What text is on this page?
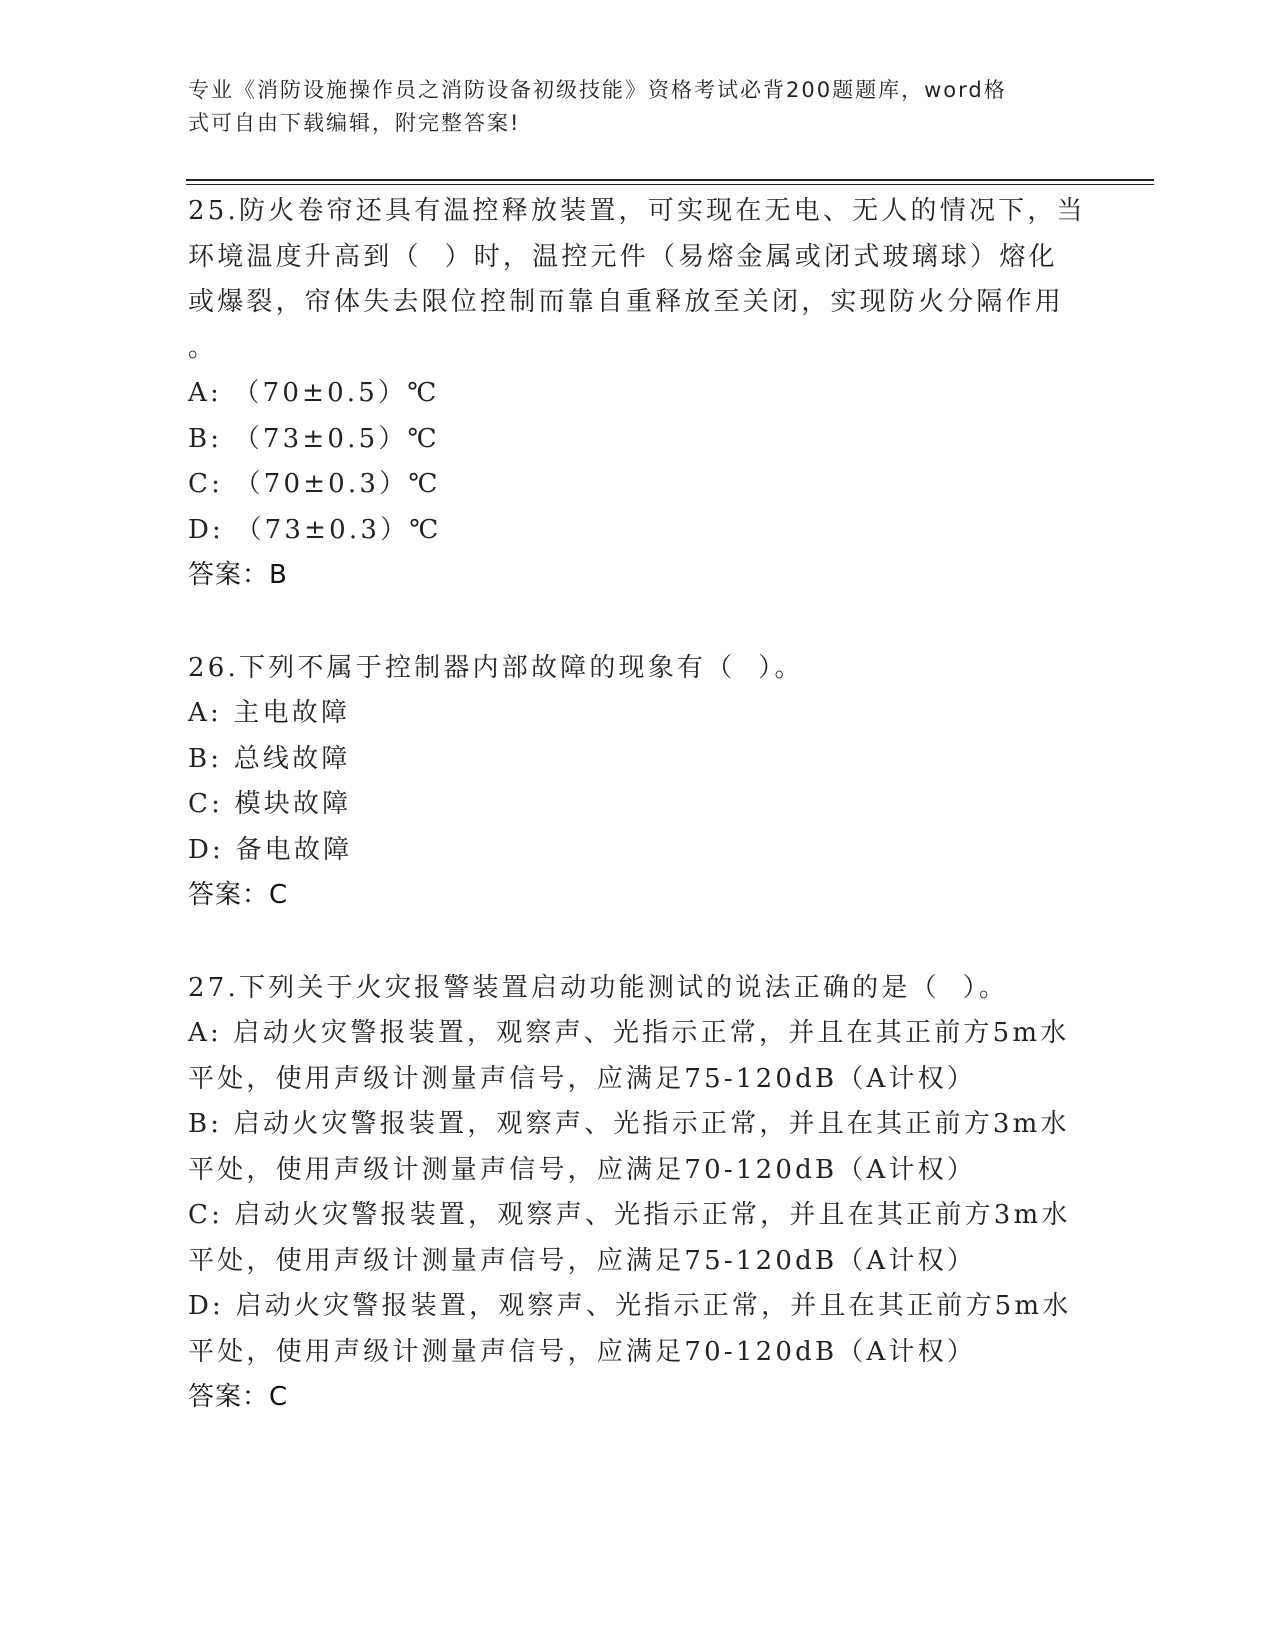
专业《消防设施操作员之消防设备初级技能》资格考试必背200题题库，word格
式可自由下载编辑，附完整答案!
25.防火卷帘还具有温控释放装置，可实现在无电、无人的情况下，当
环境温度升高到（  ）时，温控元件（易熔金属或闭式玻璃球）熔化
或爆裂，帘体失去限位控制而靠自重释放至关闭，实现防火分隔作用
。
A: （70±0.5）℃
B: （73±0.5）℃
C: （70±0.3）℃
D: （73±0.3）℃
答案：B
26.下列不属于控制器内部故障的现象有（  ）。
A: 主电故障
B: 总线故障
C: 模块故障
D: 备电故障
答案：C
27.下列关于火灾报警装置启动功能测试的说法正确的是（  ）。
A: 启动火灾警报装置，观察声、光指示正常，并且在其正前方5m水
平处，使用声级计测量声信号，应满足75-120dB（A计权）
B: 启动火灾警报装置，观察声、光指示正常，并且在其正前方3m水
平处，使用声级计测量声信号，应满足70-120dB（A计权）
C: 启动火灾警报装置，观察声、光指示正常，并且在其正前方3m水
平处，使用声级计测量声信号，应满足75-120dB（A计权）
D: 启动火灾警报装置，观察声、光指示正常，并且在其正前方5m水
平处，使用声级计测量声信号，应满足70-120dB（A计权）
答案：C
